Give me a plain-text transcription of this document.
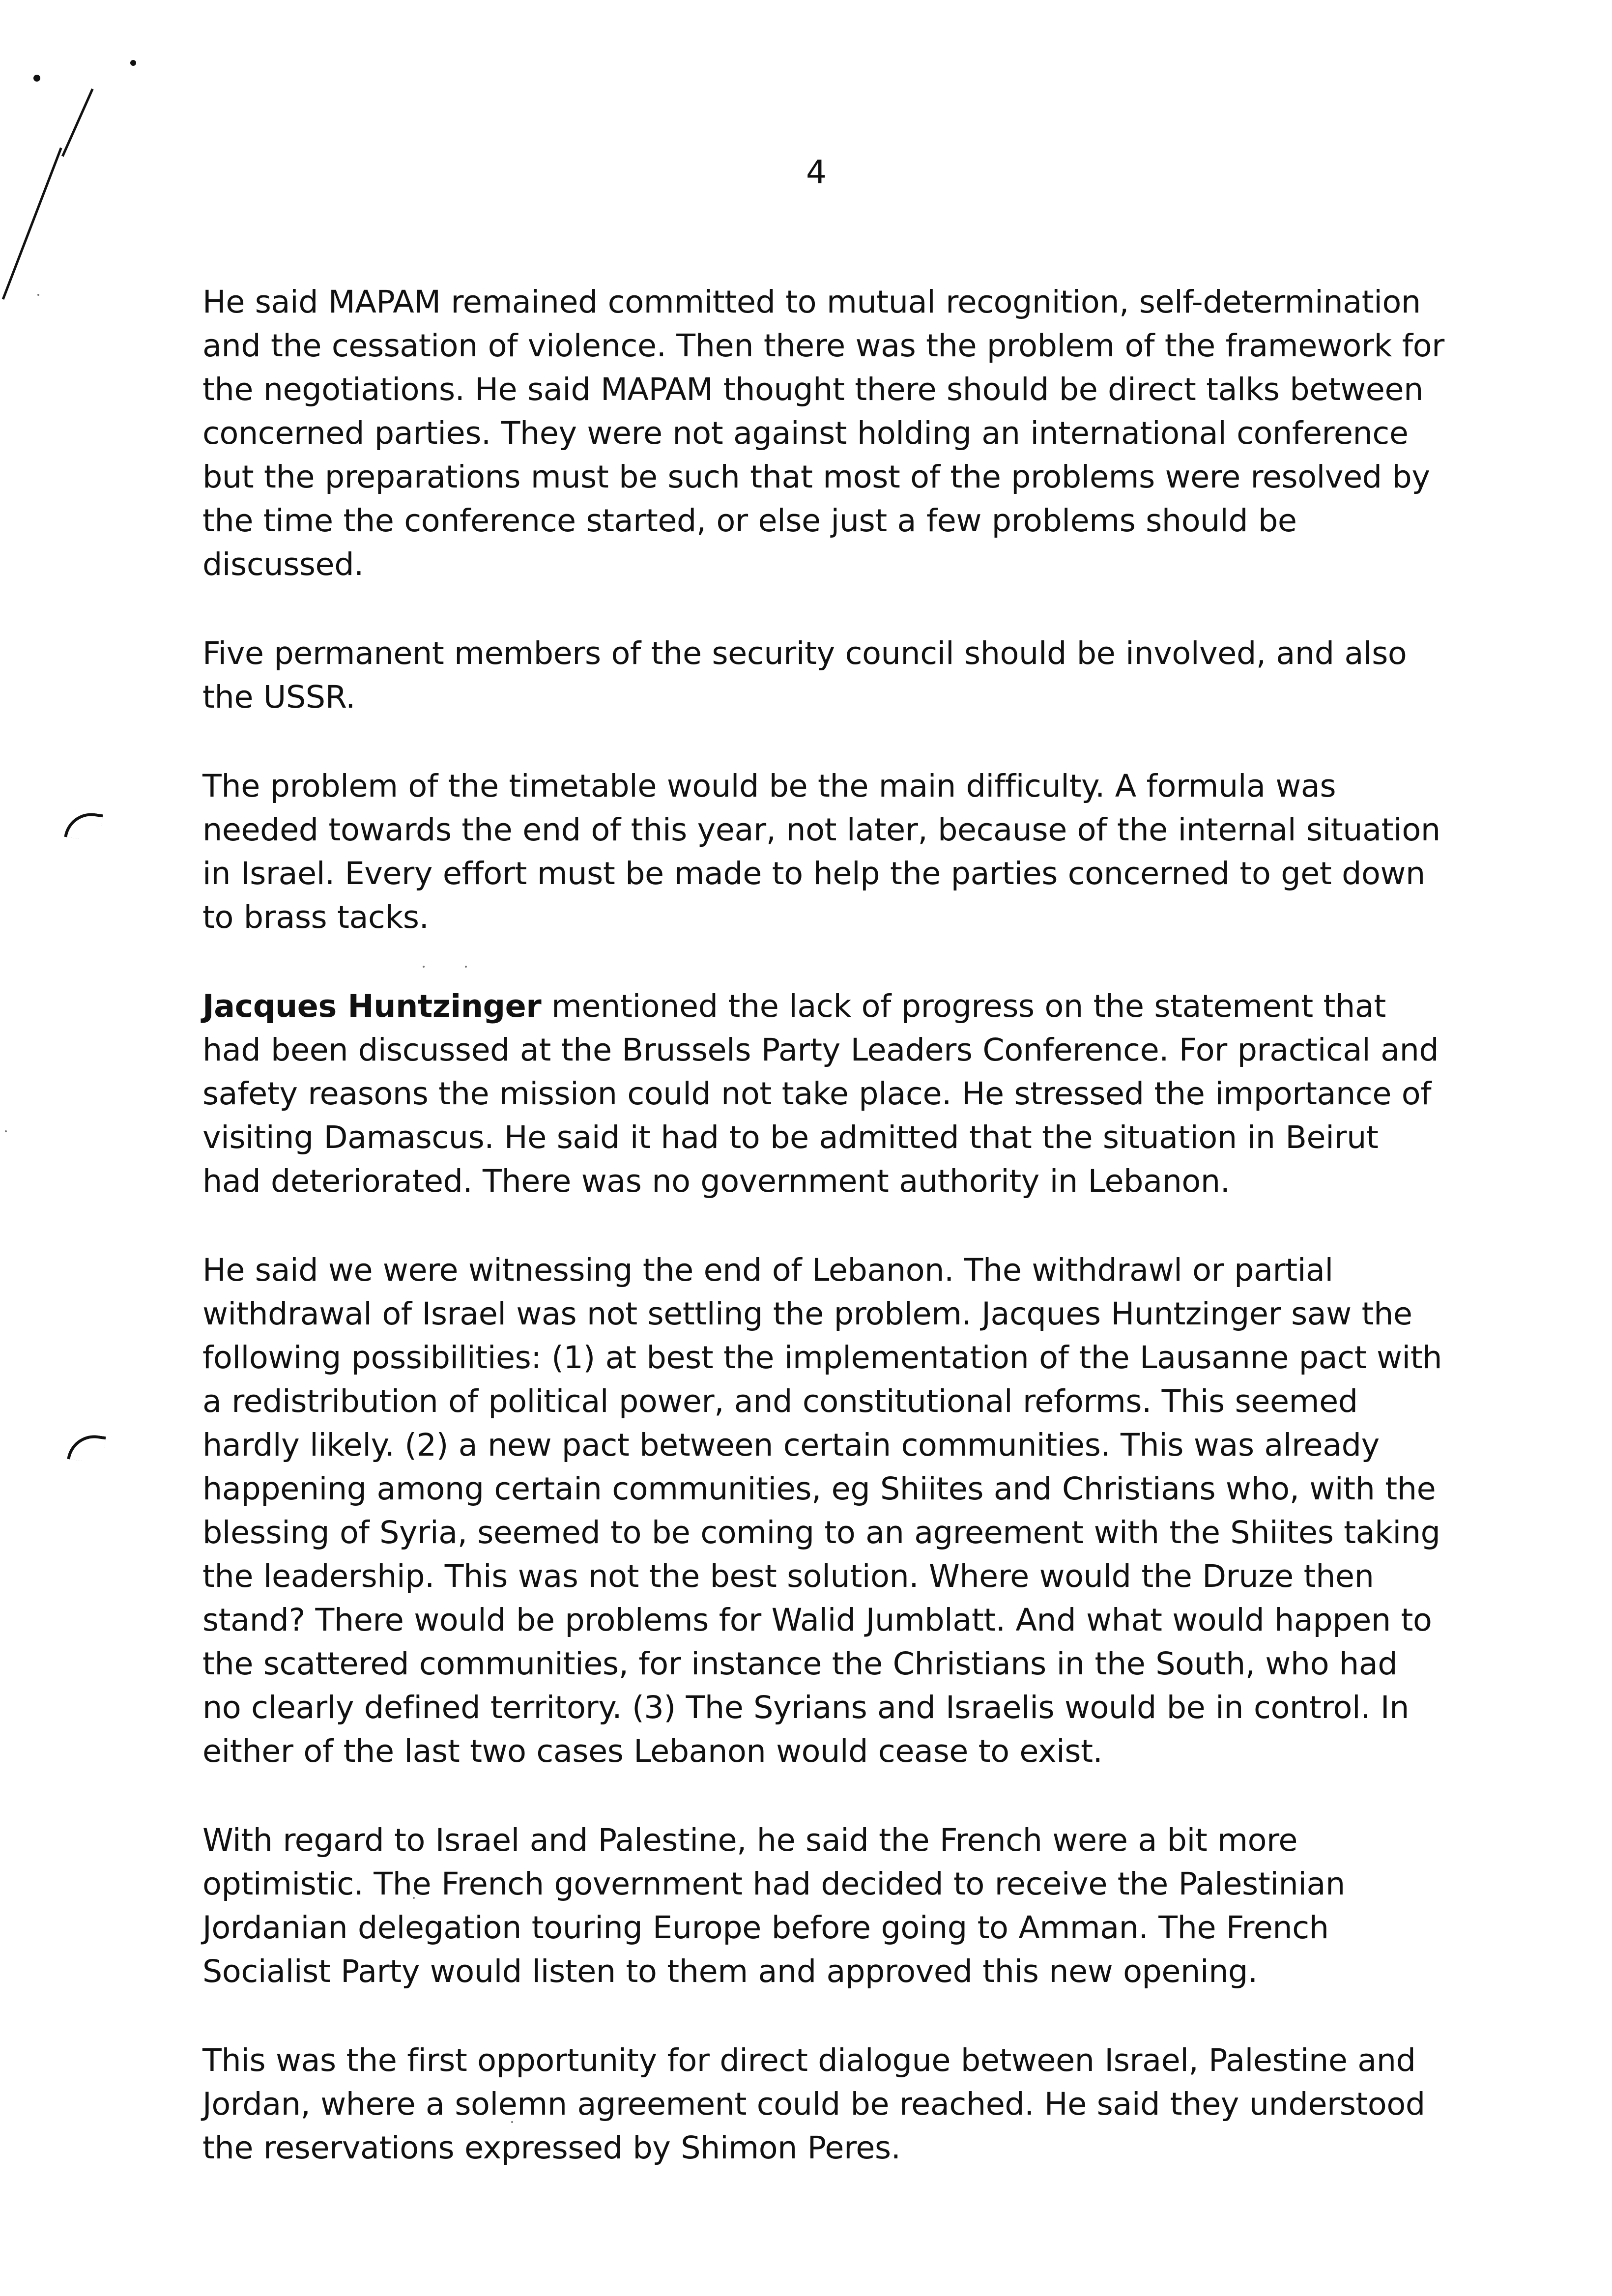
4

He said MAPAM remained committed to mutual recognition, self-determination and the cessation of violence. Then there was the problem of the framework for the negotiations. He said MAPAM thought there should be direct talks between concerned parties. They were not against holding an international conference but the preparations must be such that most of the problems were resolved by the time the conference started, or else just a few problems should be discussed.

Five permanent members of the security council should be involved, and also the USSR.

The problem of the timetable would be the main difficulty. A formula was needed towards the end of this year, not later, because of the internal situation in Israel. Every effort must be made to help the parties concerned to get down to brass tacks.

Jacques Huntzinger mentioned the lack of progress on the statement that had been discussed at the Brussels Party Leaders Conference. For practical and safety reasons the mission could not take place. He stressed the importance of visiting Damascus. He said it had to be admitted that the situation in Beirut had deteriorated. There was no government authority in Lebanon.

He said we were witnessing the end of Lebanon. The withdrawl or partial withdrawal of Israel was not settling the problem. Jacques Huntzinger saw the following possibilities: (1) at best the implementation of the Lausanne pact with a redistribution of political power, and constitutional reforms. This seemed hardly likely. (2) a new pact between certain communities. This was already happening among certain communities, eg Shiites and Christians who, with the blessing of Syria, seemed to be coming to an agreement with the Shiites taking the leadership. This was not the best solution. Where would the Druze then stand? There would be problems for Walid Jumblatt. And what would happen to the scattered communities, for instance the Christians in the South, who had no clearly defined territory. (3) The Syrians and Israelis would be in control. In either of the last two cases Lebanon would cease to exist.

With regard to Israel and Palestine, he said the French were a bit more optimistic. The French government had decided to receive the Palestinian Jordanian delegation touring Europe before going to Amman. The French Socialist Party would listen to them and approved this new opening.

This was the first opportunity for direct dialogue between Israel, Palestine and Jordan, where a solemn agreement could be reached. He said they understood the reservations expressed by Shimon Peres.
